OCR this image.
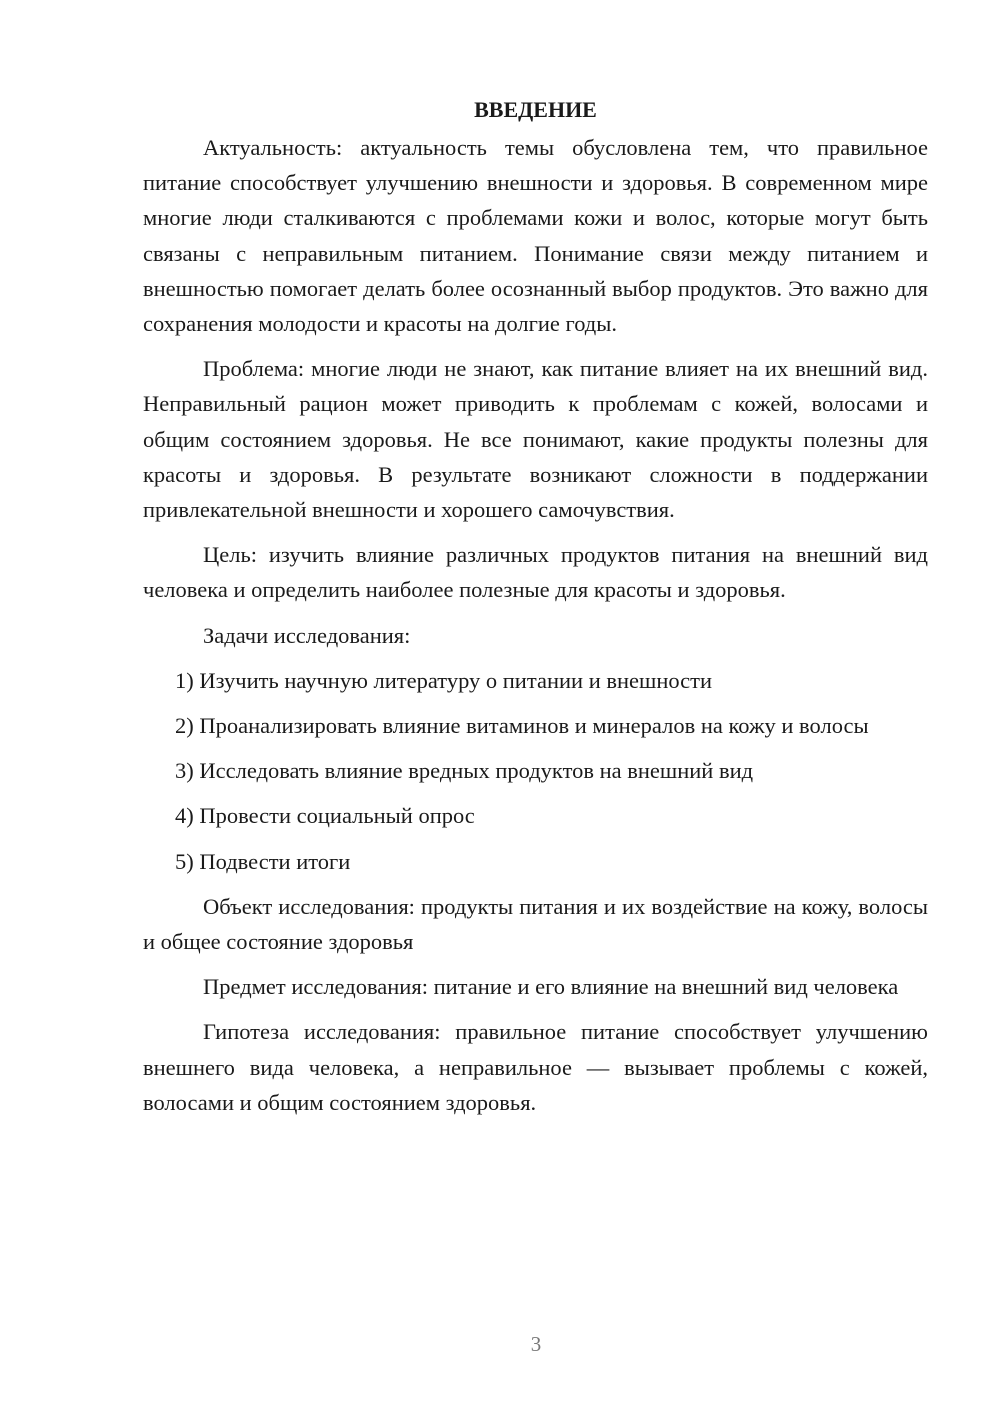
ВВЕДЕНИЕ

Актуальность: актуальность темы обусловлена тем, что правильное питание способствует улучшению внешности и здоровья. В современном мире многие люди сталкиваются с проблемами кожи и волос, которые могут быть связаны с неправильным питанием. Понимание связи между питанием и внешностью помогает делать более осознанный выбор продуктов. Это важно для сохранения молодости и красоты на долгие годы.

Проблема: многие люди не знают, как питание влияет на их внешний вид. Неправильный рацион может приводить к проблемам с кожей, волосами и общим состоянием здоровья. Не все понимают, какие продукты полезны для красоты и здоровья. В результате возникают сложности в поддержании привлекательной внешности и хорошего самочувствия.

Цель: изучить влияние различных продуктов питания на внешний вид человека и определить наиболее полезные для красоты и здоровья.

Задачи исследования:

1) Изучить научную литературу о питании и внешности

2) Проанализировать влияние витаминов и минералов на кожу и волосы

3) Исследовать влияние вредных продуктов на внешний вид

4) Провести социальный опрос

5) Подвести итоги

Объект исследования: продукты питания и их воздействие на кожу, волосы и общее состояние здоровья

Предмет исследования: питание и его влияние на внешний вид человека

Гипотеза исследования: правильное питание способствует улучшению внешнего вида человека, а неправильное — вызывает проблемы с кожей, волосами и общим состоянием здоровья.

3
